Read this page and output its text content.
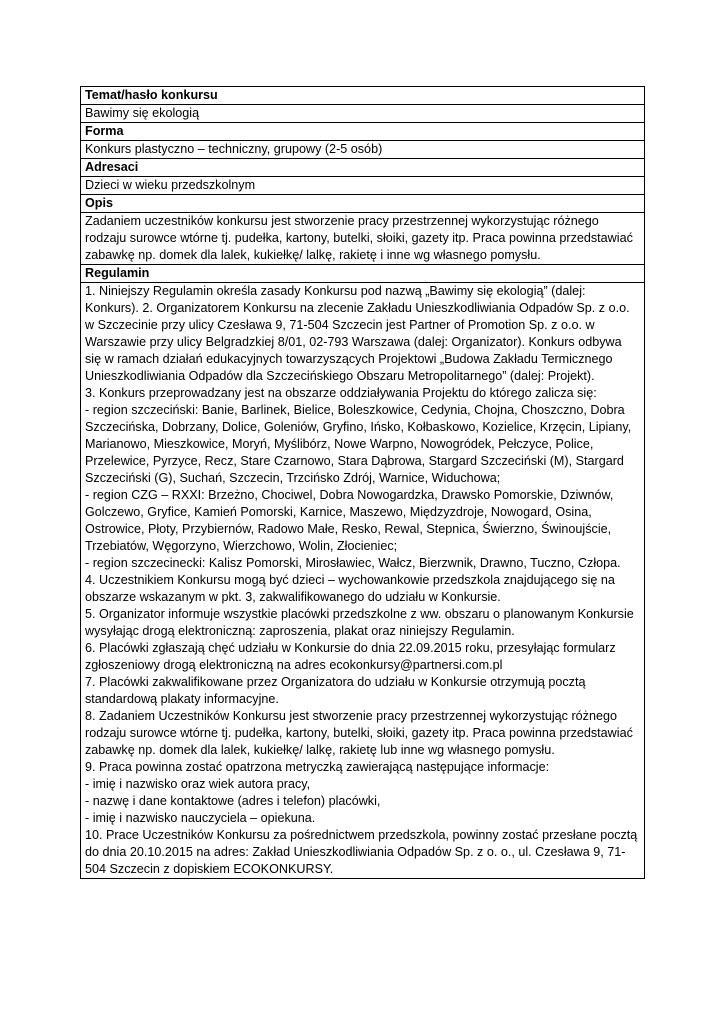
Temat/hasło konkursu
Bawimy się ekologią
Forma
Konkurs plastyczno – techniczny, grupowy (2-5 osób)
Adresaci
Dzieci w wieku przedszkolnym
Opis
Zadaniem uczestników konkursu jest stworzenie pracy przestrzennej wykorzystując różnego rodzaju surowce wtórne tj. pudełka, kartony, butelki, słoiki, gazety itp. Praca powinna przedstawiać zabawkę np. domek dla lalek, kukiełkę/ lalkę, rakietę i inne wg własnego pomysłu.
Regulamin

1. Niniejszy Regulamin określa zasady Konkursu pod nazwą „Bawimy się ekologią” (dalej: Konkurs). 2. Organizatorem Konkursu na zlecenie Zakładu Unieszkodliwiania Odpadów Sp. z o.o. w Szczecinie przy ulicy Czesława 9, 71-504 Szczecin jest Partner of Promotion Sp. z o.o. w Warszawie przy ulicy Belgradzkiej 8/01, 02-793 Warszawa (dalej: Organizator). Konkurs odbywa się w ramach działań edukacyjnych towarzyszących Projektowi „Budowa Zakładu Termicznego Unieszkodliwiania Odpadów dla Szczecińskiego Obszaru Metropolitarnego” (dalej: Projekt).
3. Konkurs przeprowadzany jest na obszarze oddziaływania Projektu do którego zalicza się:
- region szczeciński: Banie, Barlinek, Bielice, Boleszkowice, Cedynia, Chojna, Choszczno, Dobra Szczecińska, Dobrzany, Dolice, Goleniów, Gryfino, Ińsko, Kołbaskowo, Kozielice, Krzęcin, Lipiany, Marianowo, Mieszkowice, Moryń, Myślibórz, Nowe Warpno, Nowogródek, Pełczyce, Police, Przelewice, Pyrzyce, Recz, Stare Czarnowo, Stara Dąbrowa, Stargard Szczeciński (M), Stargard Szczeciński (G), Suchań, Szczecin, Trzcińsko Zdrój, Warnice, Widuchowa;
- region CZG – RXXI: Brzeżno, Chociwel, Dobra Nowogardzka, Drawsko Pomorskie, Dziwnów, Golczewo, Gryfice, Kamień Pomorski, Karnice, Maszewo, Międzyzdroje, Nowogard, Osina, Ostrowice, Płoty, Przybiernów, Radowo Małe, Resko, Rewal, Stepnica, Świerzno, Świnoujście, Trzebiatów, Węgorzyno, Wierzchowo, Wolin, Złocieniec;
- region szczecinecki: Kalisz Pomorski, Mirosławiec, Wałcz, Bierzwnik, Drawno, Tuczno, Człopa.
4. Uczestnikiem Konkursu mogą być dzieci – wychowankowie przedszkola znajdującego się na obszarze wskazanym w pkt. 3, zakwalifikowanego do udziału w Konkursie.
5. Organizator informuje wszystkie placówki przedszkolne z ww. obszaru o planowanym Konkursie wysyłając drogą elektroniczną: zaproszenia, plakat oraz niniejszy Regulamin.
6. Placówki zgłaszają chęć udziału w Konkursie do dnia 22.09.2015 roku, przesyłając formularz zgłoszeniowy drogą elektroniczną na adres ecokonkursy@partnersi.com.pl
7. Placówki zakwalifikowane przez Organizatora do udziału w Konkursie otrzymują pocztą standardową plakaty informacyjne.
8. Zadaniem Uczestników Konkursu jest stworzenie pracy przestrzennej wykorzystując różnego rodzaju surowce wtórne tj. pudełka, kartony, butelki, słoiki, gazety itp. Praca powinna przedstawiać zabawkę np. domek dla lalek, kukiełkę/ lalkę, rakietę lub inne wg własnego pomysłu.
9. Praca powinna zostać opatrzona metryczką zawierającą następujące informacje:
- imię i nazwisko oraz wiek autora pracy,
- nazwę i dane kontaktowe (adres i telefon) placówki,
- imię i nazwisko nauczyciela – opiekuna.
10. Prace Uczestników Konkursu za pośrednictwem przedszkola, powinny zostać przesłane pocztą do dnia 20.10.2015 na adres: Zakład Unieszkodliwiania Odpadów Sp. z o. o., ul. Czesława 9, 71-504 Szczecin z dopiskiem ECOKONKURSY.
